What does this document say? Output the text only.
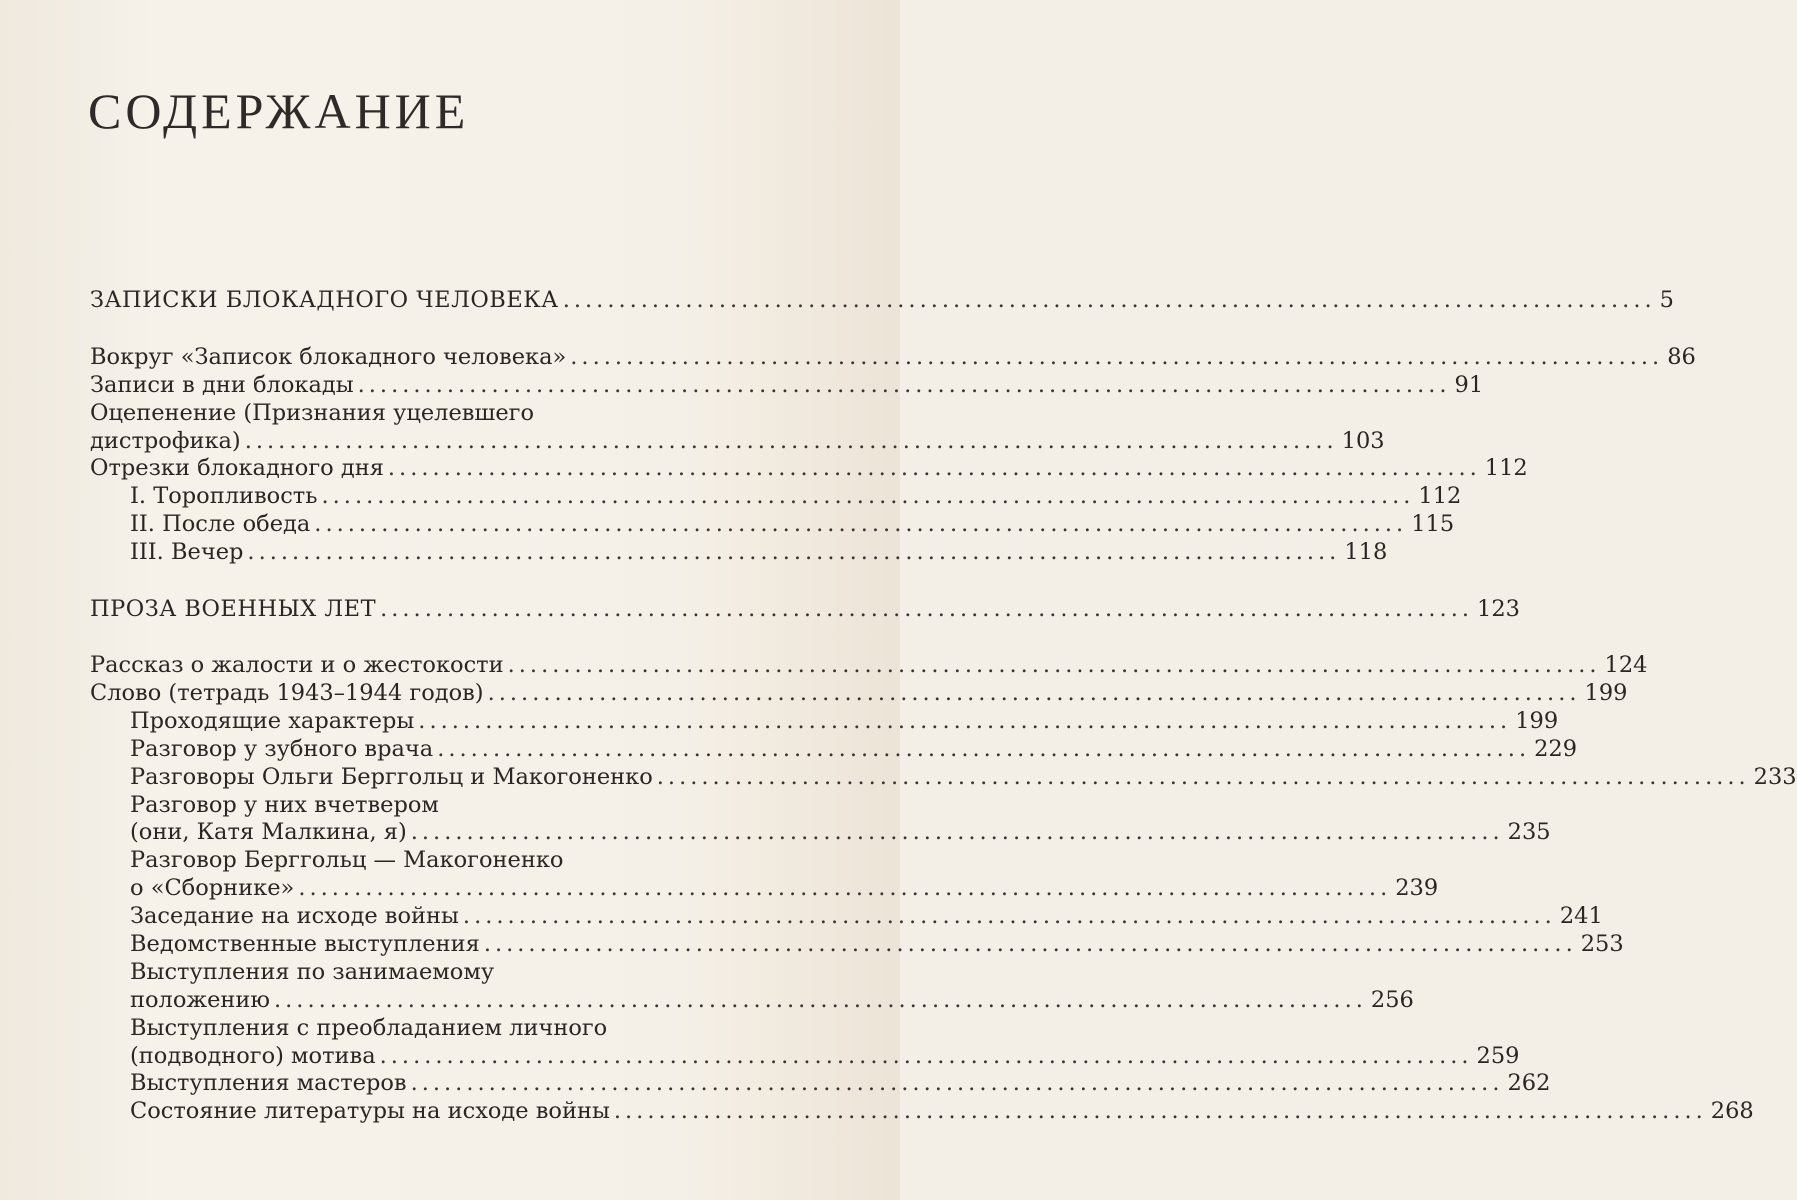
СОДЕРЖАНИЕ
ЗАПИСКИ БЛОКАДНОГО ЧЕЛОВЕКА .................................................................................................. 5
Вокруг «Записок блокадного человека» .................................................................................................. 86
Записи в дни блокады .................................................................................................. 91
Оцепенение (Признания уцелевшего
дистрофика) .................................................................................................. 103
Отрезки блокадного дня .................................................................................................. 112
I. Торопливость .................................................................................................. 112
II. После обеда .................................................................................................. 115
III. Вечер .................................................................................................. 118
ПРОЗА ВОЕННЫХ ЛЕТ .................................................................................................. 123
Рассказ о жалости и о жестокости .................................................................................................. 124
Слово (тетрадь 1943–1944 годов) .................................................................................................. 199
Проходящие характеры .................................................................................................. 199
Разговор у зубного врача .................................................................................................. 229
Разговоры Ольги Берггольц и Макогоненко .................................................................................................. 233
Разговор у них вчетвером
(они, Катя Малкина, я) .................................................................................................. 235
Разговор Берггольц — Макогоненко
о «Сборнике» .................................................................................................. 239
Заседание на исходе войны .................................................................................................. 241
Ведомственные выступления .................................................................................................. 253
Выступления по занимаемому
положению .................................................................................................. 256
Выступления с преобладанием личного
(подводного) мотива .................................................................................................. 259
Выступления мастеров .................................................................................................. 262
Состояние литературы на исходе войны .................................................................................................. 268
